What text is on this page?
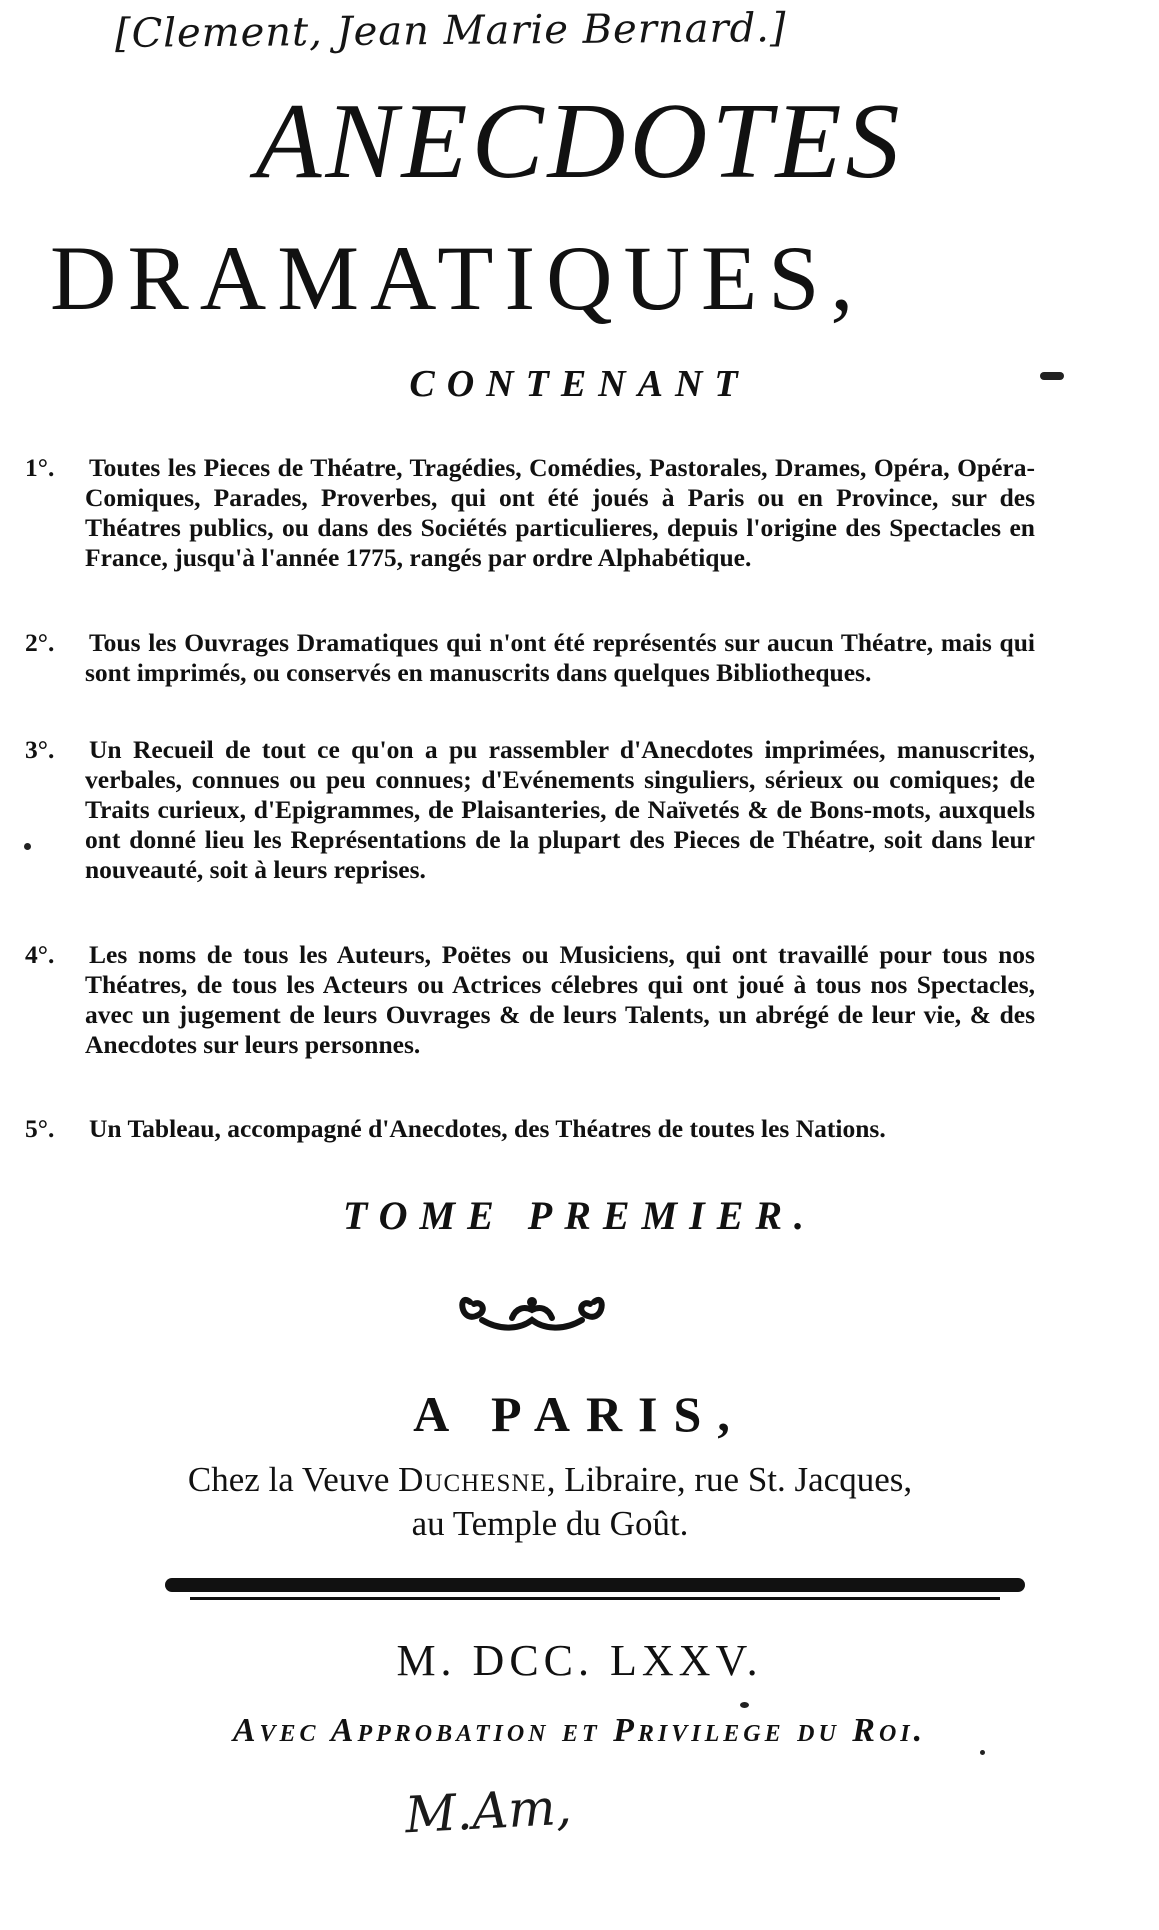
[Clement, Jean Marie Bernard.]
ANECDOTES
DRAMATIQUES,
CONTENANT
1°. Toutes les Pieces de Théatre, Tragédies, Comédies, Pastorales, Drames, Opéra, Opéra-Comiques, Parades, Proverbes, qui ont été joués à Paris ou en Province, sur des Théatres publics, ou dans des Sociétés particulieres, depuis l'origine des Spectacles en France, jusqu'à l'année 1775, rangés par ordre Alphabétique.
2°. Tous les Ouvrages Dramatiques qui n'ont été représentés sur aucun Théatre, mais qui sont imprimés, ou conservés en manuscrits dans quelques Bibliotheques.
3°. Un Recueil de tout ce qu'on a pu rassembler d'Anecdotes imprimées, manuscrites, verbales, connues ou peu connues; d'Evénements singuliers, sérieux ou comiques; de Traits curieux, d'Epigrammes, de Plaisanteries, de Naïvetés & de Bons-mots, auxquels ont donné lieu les Représentations de la plupart des Pieces de Théatre, soit dans leur nouveauté, soit à leurs reprises.
4°. Les noms de tous les Auteurs, Poëtes ou Musiciens, qui ont travaillé pour tous nos Théatres, de tous les Acteurs ou Actrices célebres qui ont joué à tous nos Spectacles, avec un jugement de leurs Ouvrages & de leurs Talents, un abrégé de leur vie, & des Anecdotes sur leurs personnes.
5°. Un Tableau, accompagné d'Anecdotes, des Théatres de toutes les Nations.
TOME PREMIER.
A PARIS,
Chez la Veuve Duchesne, Libraire, rue St. Jacques,
au Temple du Goût.
M. DCC. LXXV.
Avec Approbation et Privilege du Roi.
M.Am,
